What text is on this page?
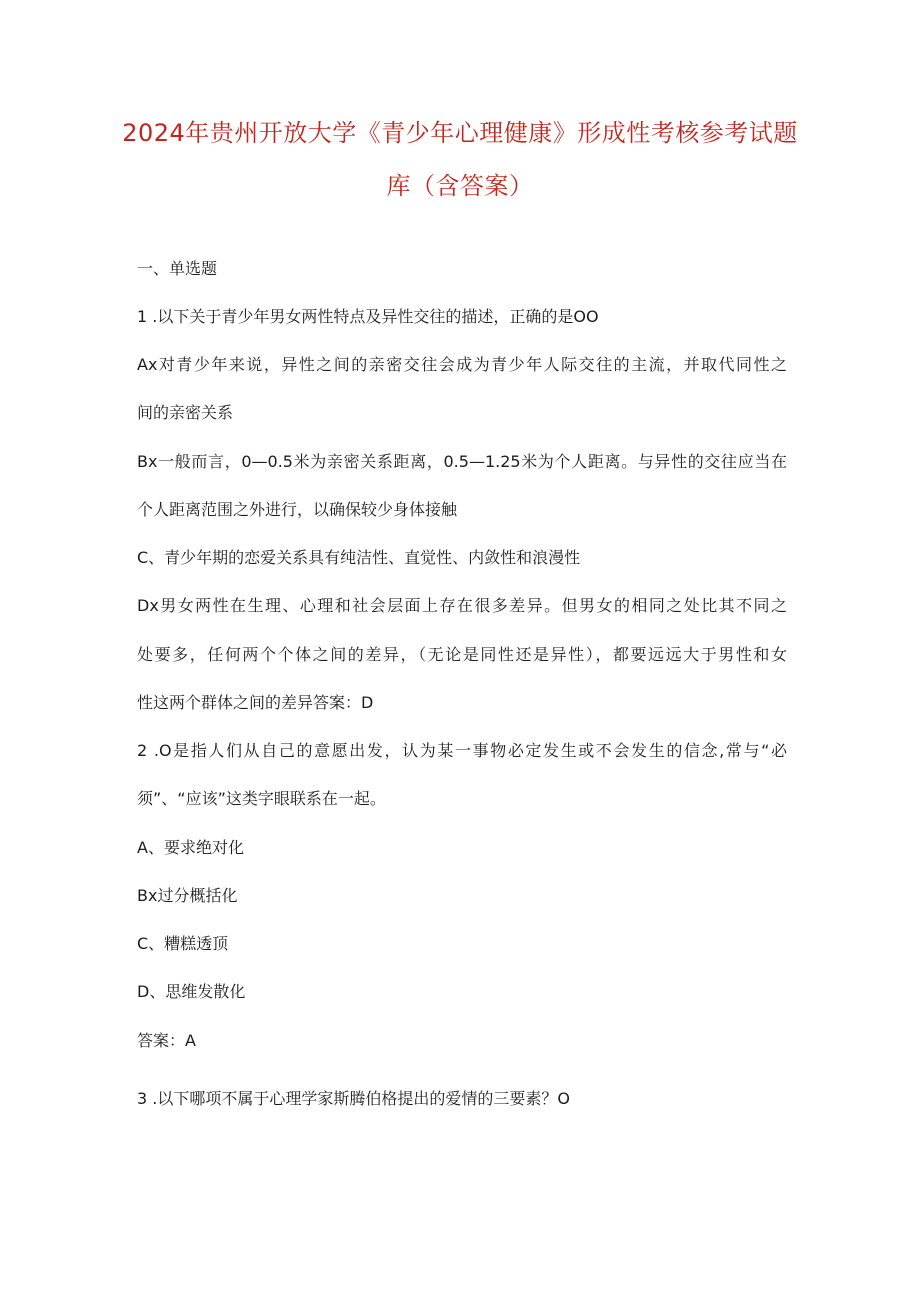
2024年贵州开放大学《青少年心理健康》形成性考核参考试题
库（含答案）
一、单选题
1 .以下关于青少年男女两性特点及异性交往的描述，正确的是OO
Ax对青少年来说，异性之间的亲密交往会成为青少年人际交往的主流，并取代同性之
间的亲密关系
Bx一般而言，0—0.5米为亲密关系距离，0.5—1.25米为个人距离。与异性的交往应当在
个人距离范围之外进行，以确保较少身体接触
C、青少年期的恋爱关系具有纯洁性、直觉性、内敛性和浪漫性
Dx男女两性在生理、心理和社会层面上存在很多差异。但男女的相同之处比其不同之
处要多，任何两个个体之间的差异，（无论是同性还是异性），都要远远大于男性和女
性这两个群体之间的差异答案：D
2 .O是指人们从自己的意愿出发，认为某一事物必定发生或不会发生的信念,常与“必
须”、“应该”这类字眼联系在一起。
A、要求绝对化
Bx过分概括化
C、糟糕透顶
D、思维发散化
答案：A
3 .以下哪项不属于心理学家斯腾伯格提出的爱情的三要素？O
